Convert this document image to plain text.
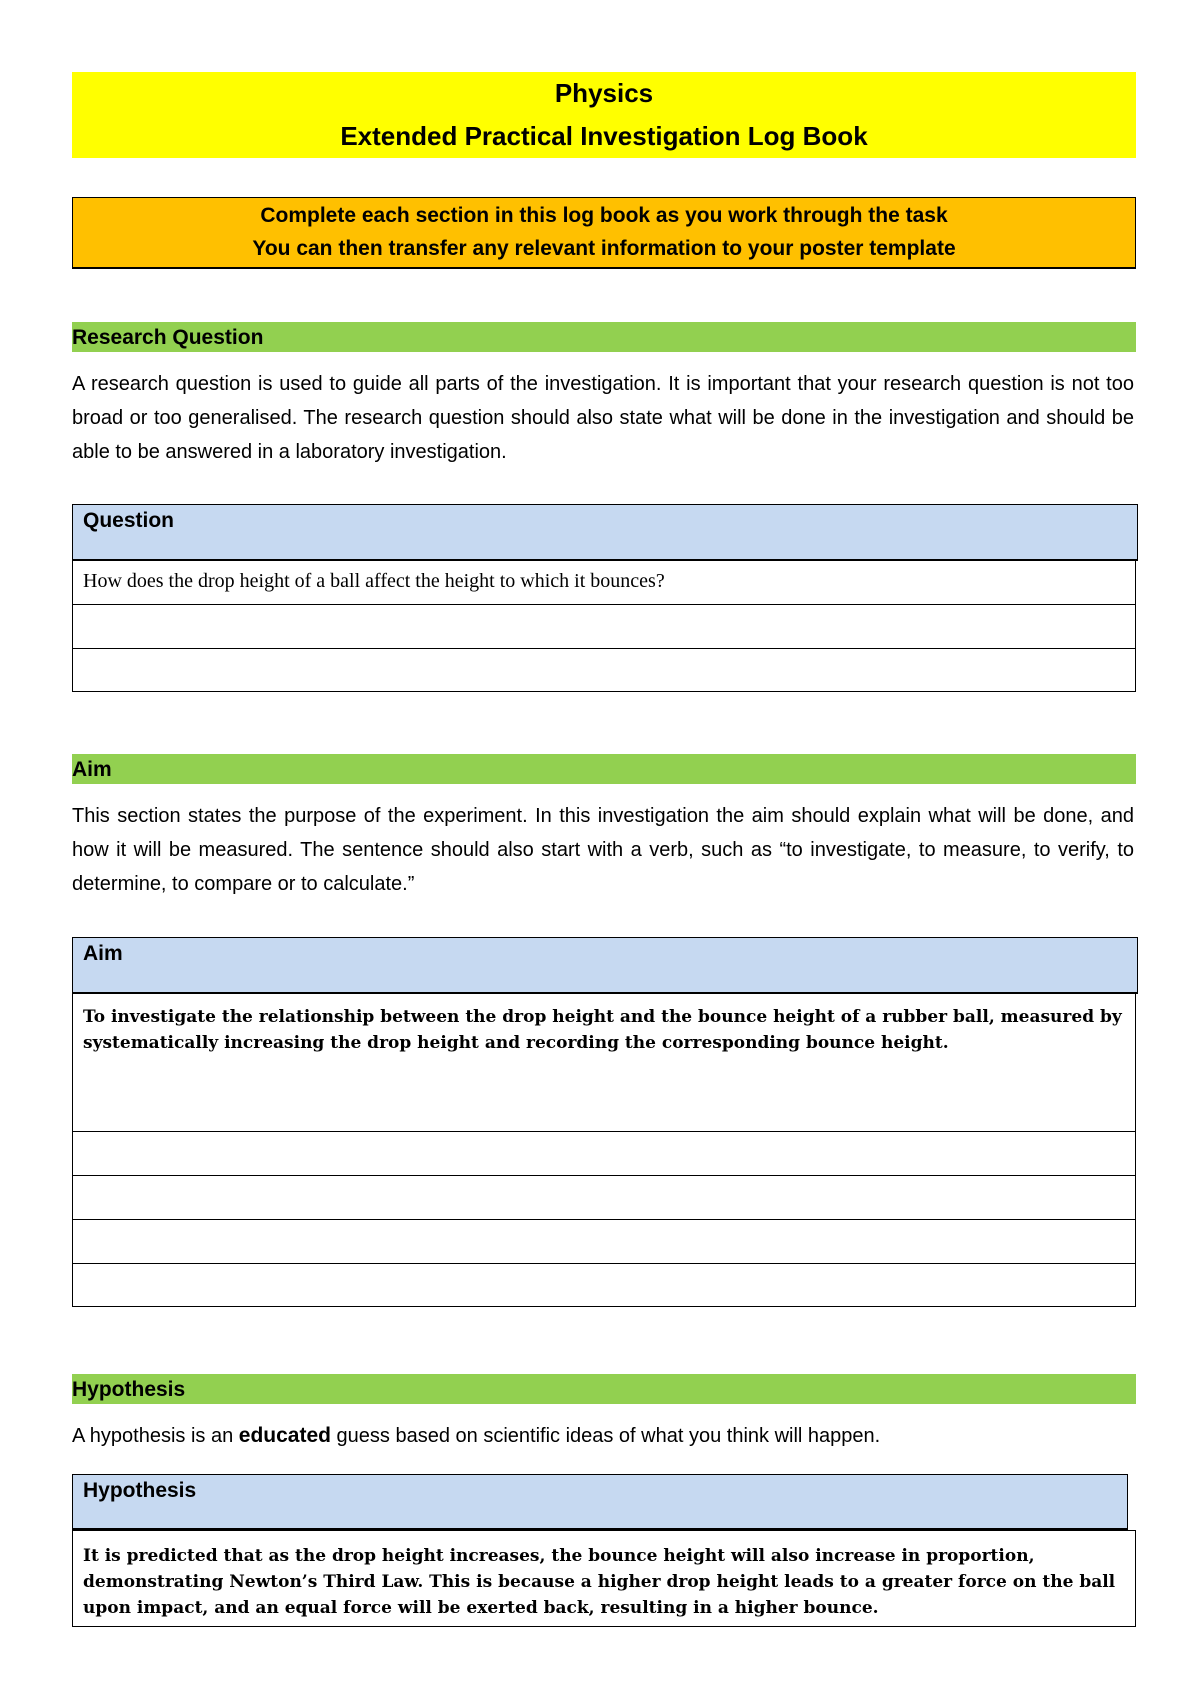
Physics
Extended Practical Investigation Log Book
Complete each section in this log book as you work through the task
You can then transfer any relevant information to your poster template
Research Question
A research question is used to guide all parts of the investigation. It is important that your research question is not too broad or too generalised. The research question should also state what will be done in the investigation and should be able to be answered in a laboratory investigation.
Question
How does the drop height of a ball affect the height to which it bounces?
Aim
This section states the purpose of the experiment. In this investigation the aim should explain what will be done, and how it will be measured. The sentence should also start with a verb, such as “to investigate, to measure, to verify, to determine, to compare or to calculate.”
Aim
To investigate the relationship between the drop height and the bounce height of a rubber ball, measured by systematically increasing the drop height and recording the corresponding bounce height.
Hypothesis
A hypothesis is an educated guess based on scientific ideas of what you think will happen.
Hypothesis
It is predicted that as the drop height increases, the bounce height will also increase in proportion, demonstrating Newton’s Third Law. This is because a higher drop height leads to a greater force on the ball upon impact, and an equal force will be exerted back, resulting in a higher bounce.
